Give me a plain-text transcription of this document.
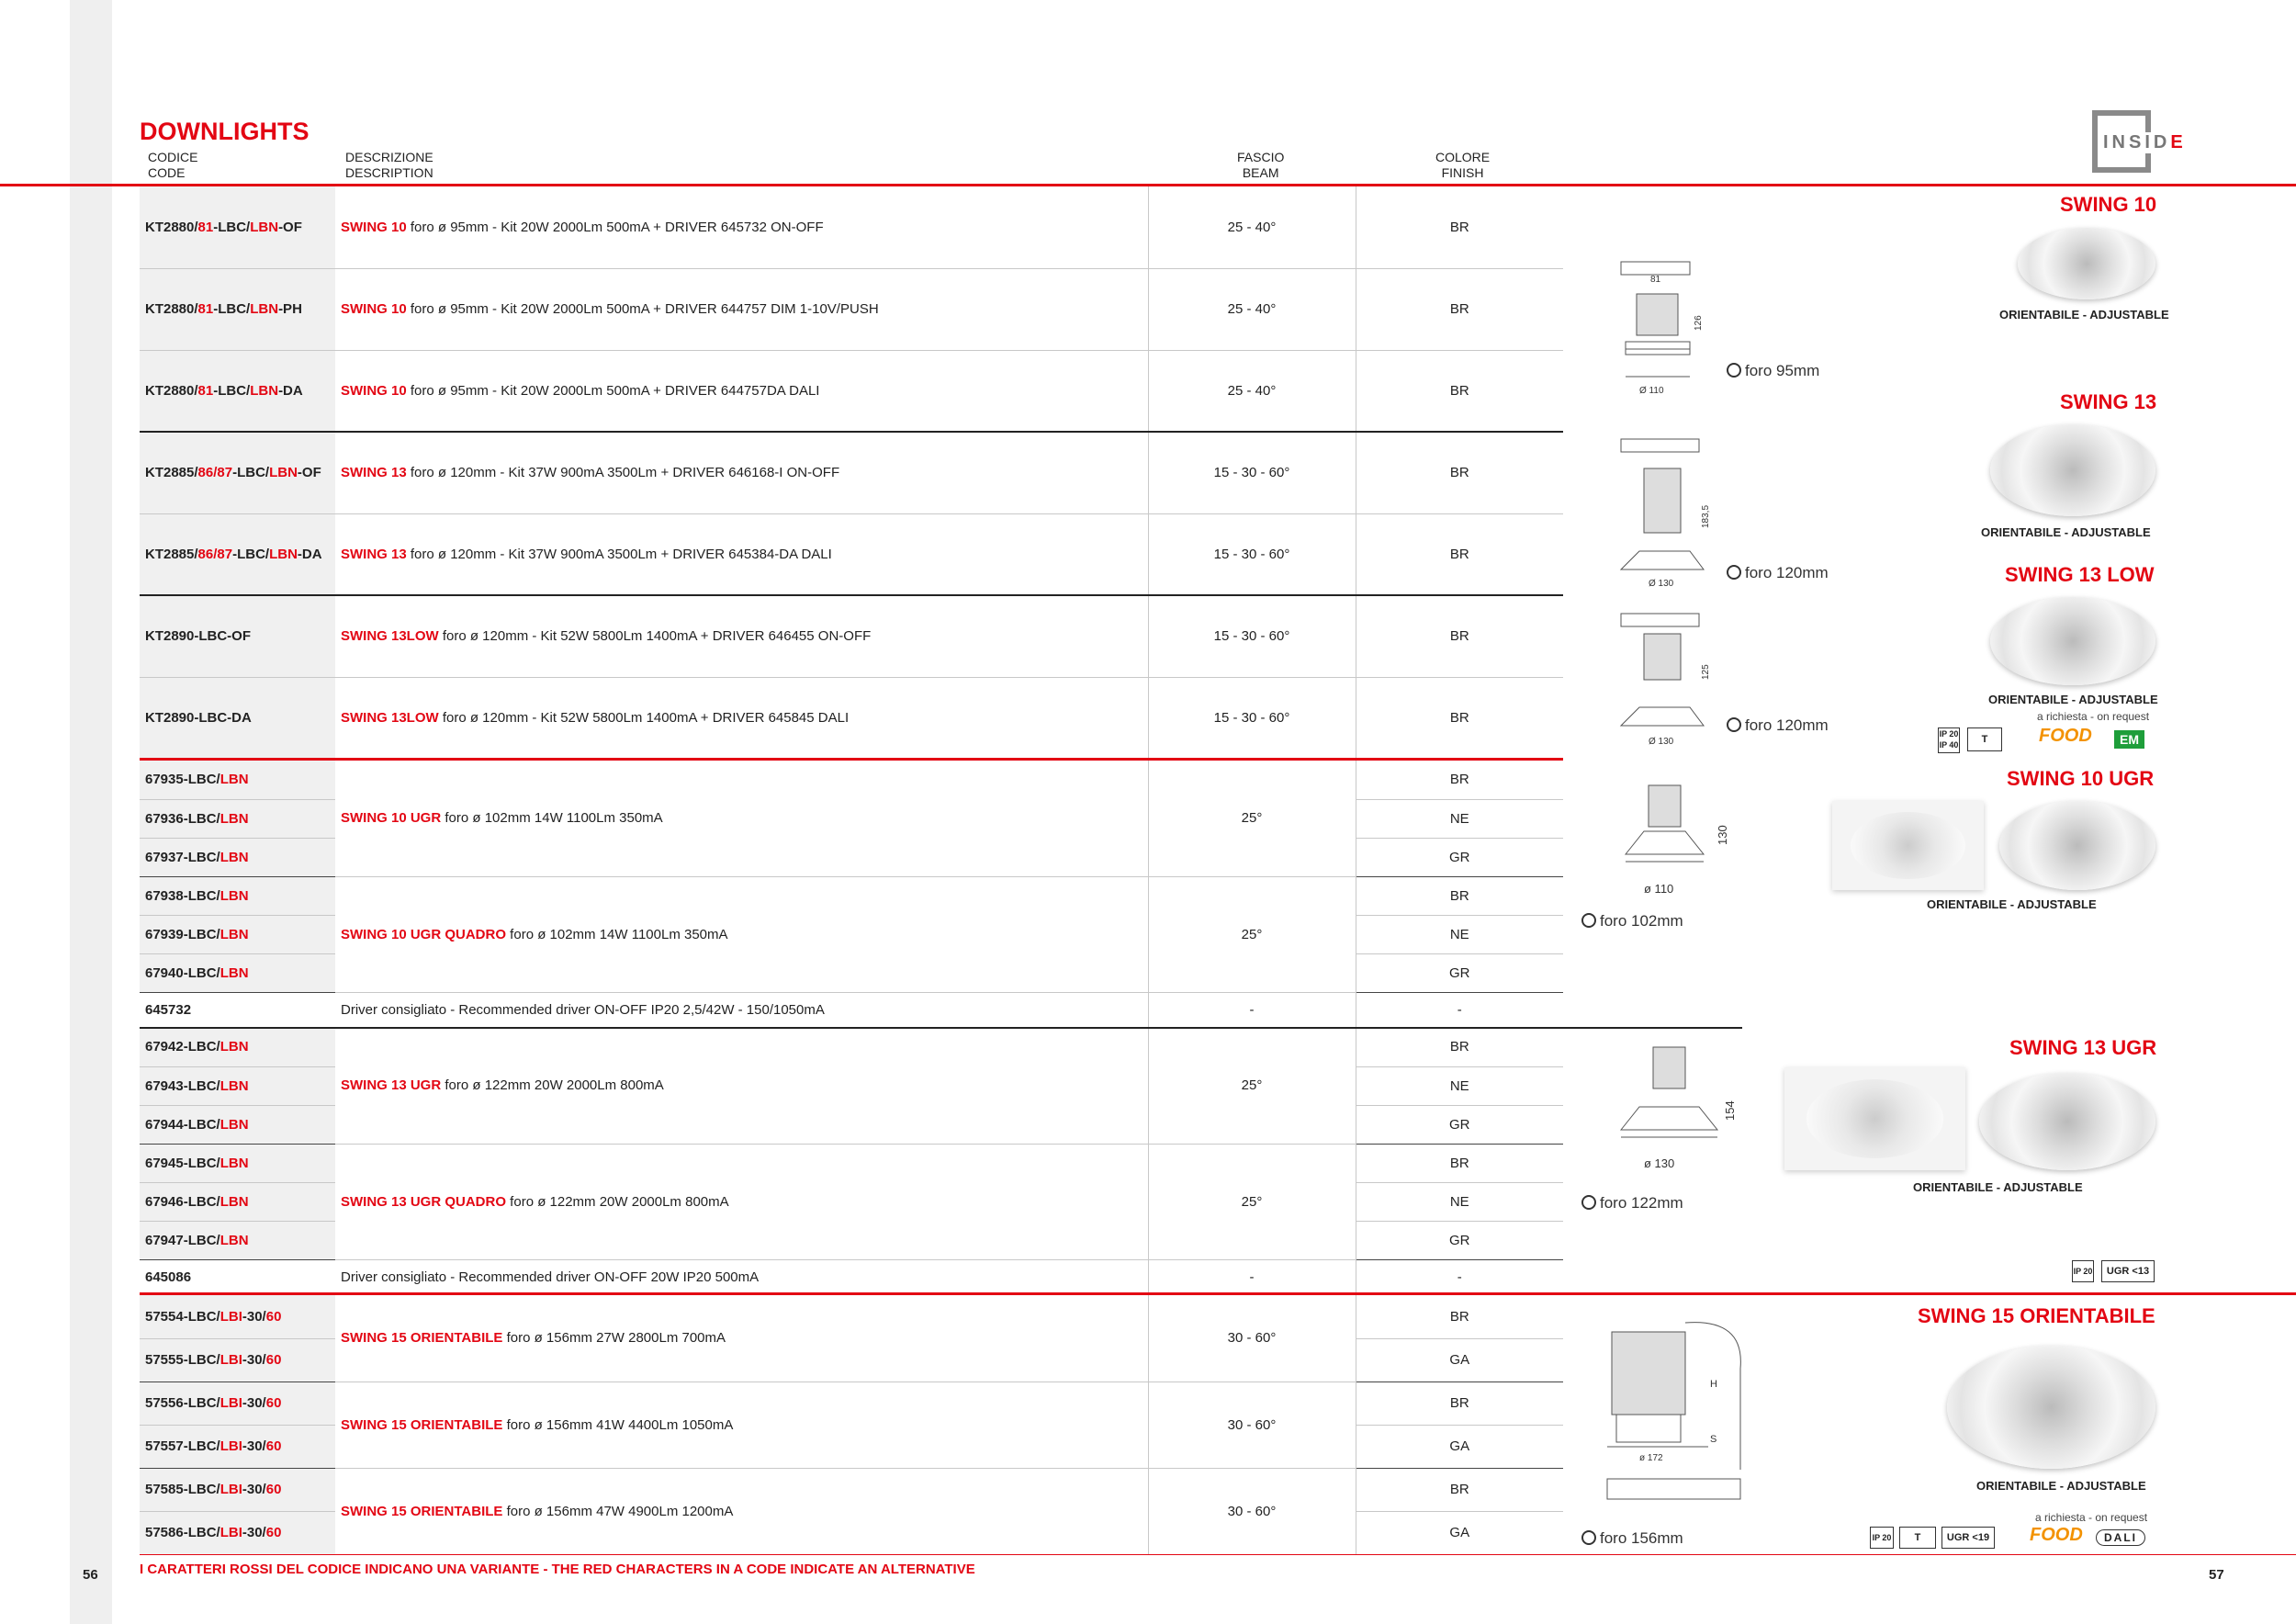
DOWNLIGHTS
CODICE
CODE
DESCRIZIONE
DESCRIPTION
FASCIO
BEAM
COLORE
FINISH
INSIDE
KT2880/81-LBC/LBN-OF	SWING 10 foro ø 95mm - Kit 20W 2000Lm 500mA + DRIVER 645732 ON-OFF	25 - 40°	BR
KT2880/81-LBC/LBN-PH	SWING 10 foro ø 95mm - Kit 20W 2000Lm 500mA + DRIVER 644757 DIM 1-10V/PUSH	25 - 40°	BR
KT2880/81-LBC/LBN-DA	SWING 10 foro ø 95mm - Kit 20W 2000Lm 500mA + DRIVER 644757DA DALI	25 - 40°	BR
KT2885/86/87-LBC/LBN-OF	SWING 13 foro ø 120mm - Kit 37W 900mA 3500Lm + DRIVER 646168-I ON-OFF	15 - 30 - 60°	BR
KT2885/86/87-LBC/LBN-DA	SWING 13 foro ø 120mm - Kit 37W 900mA 3500Lm + DRIVER 645384-DA DALI	15 - 30 - 60°	BR
KT2890-LBC-OF	SWING 13LOW foro ø 120mm - Kit 52W 5800Lm 1400mA + DRIVER 646455 ON-OFF	15 - 30 - 60°	BR
KT2890-LBC-DA	SWING 13LOW foro ø 120mm - Kit 52W 5800Lm 1400mA + DRIVER 645845 DALI	15 - 30 - 60°	BR
67935-LBC/LBN	SWING 10 UGR foro ø 102mm 14W 1100Lm 350mA	25°	BR
67936-LBC/LBN			NE
67937-LBC/LBN			GR
67938-LBC/LBN	SWING 10 UGR QUADRO foro ø 102mm 14W 1100Lm 350mA	25°	BR
67939-LBC/LBN			NE
67940-LBC/LBN			GR
645732	Driver consigliato - Recommended driver ON-OFF IP20 2,5/42W - 150/1050mA	-	-
67942-LBC/LBN	SWING 13 UGR foro ø 122mm 20W 2000Lm 800mA	25°	BR
67943-LBC/LBN			NE
67944-LBC/LBN			GR
67945-LBC/LBN	SWING 13 UGR QUADRO foro ø 122mm 20W 2000Lm 800mA	25°	BR
67946-LBC/LBN			NE
67947-LBC/LBN			GR
645086	Driver consigliato - Recommended driver ON-OFF 20W IP20 500mA	-	-
57554-LBC/LBI-30/60	SWING 15 ORIENTABILE foro ø 156mm 27W 2800Lm 700mA	30 - 60°	BR
57555-LBC/LBI-30/60			GA
57556-LBC/LBI-30/60	SWING 15 ORIENTABILE foro ø 156mm 41W 4400Lm 1050mA	30 - 60°	BR
57557-LBC/LBI-30/60			GA
57585-LBC/LBI-30/60	SWING 15 ORIENTABILE foro ø 156mm 47W 4900Lm 1200mA	30 - 60°	BR
57586-LBC/LBI-30/60			GA
81
126
Ø 110
foro 95mm
183,5
Ø 130
foro 120mm
125
Ø 130
foro 120mm
SWING 10
ORIENTABILE - ADJUSTABLE
SWING 13
ORIENTABILE - ADJUSTABLE
SWING 13 LOW
ORIENTABILE - ADJUSTABLE
a richiesta - on request
IP 20 IP 40	T	FOOD	EM
130
ø 110
foro 102mm
SWING 10 UGR
ORIENTABILE - ADJUSTABLE
154
ø 130
foro 122mm
SWING 13 UGR
ORIENTABILE - ADJUSTABLE
IP 20	UGR <13
H
S
ø 172
foro 156mm
SWING 15 ORIENTABILE
ORIENTABILE - ADJUSTABLE
a richiesta - on request
IP 20	T	UGR <19 FOOD	DALI
56	I CARATTERI ROSSI DEL CODICE INDICANO UNA VARIANTE - THE RED CHARACTERS IN A CODE INDICATE AN ALTERNATIVE	57
